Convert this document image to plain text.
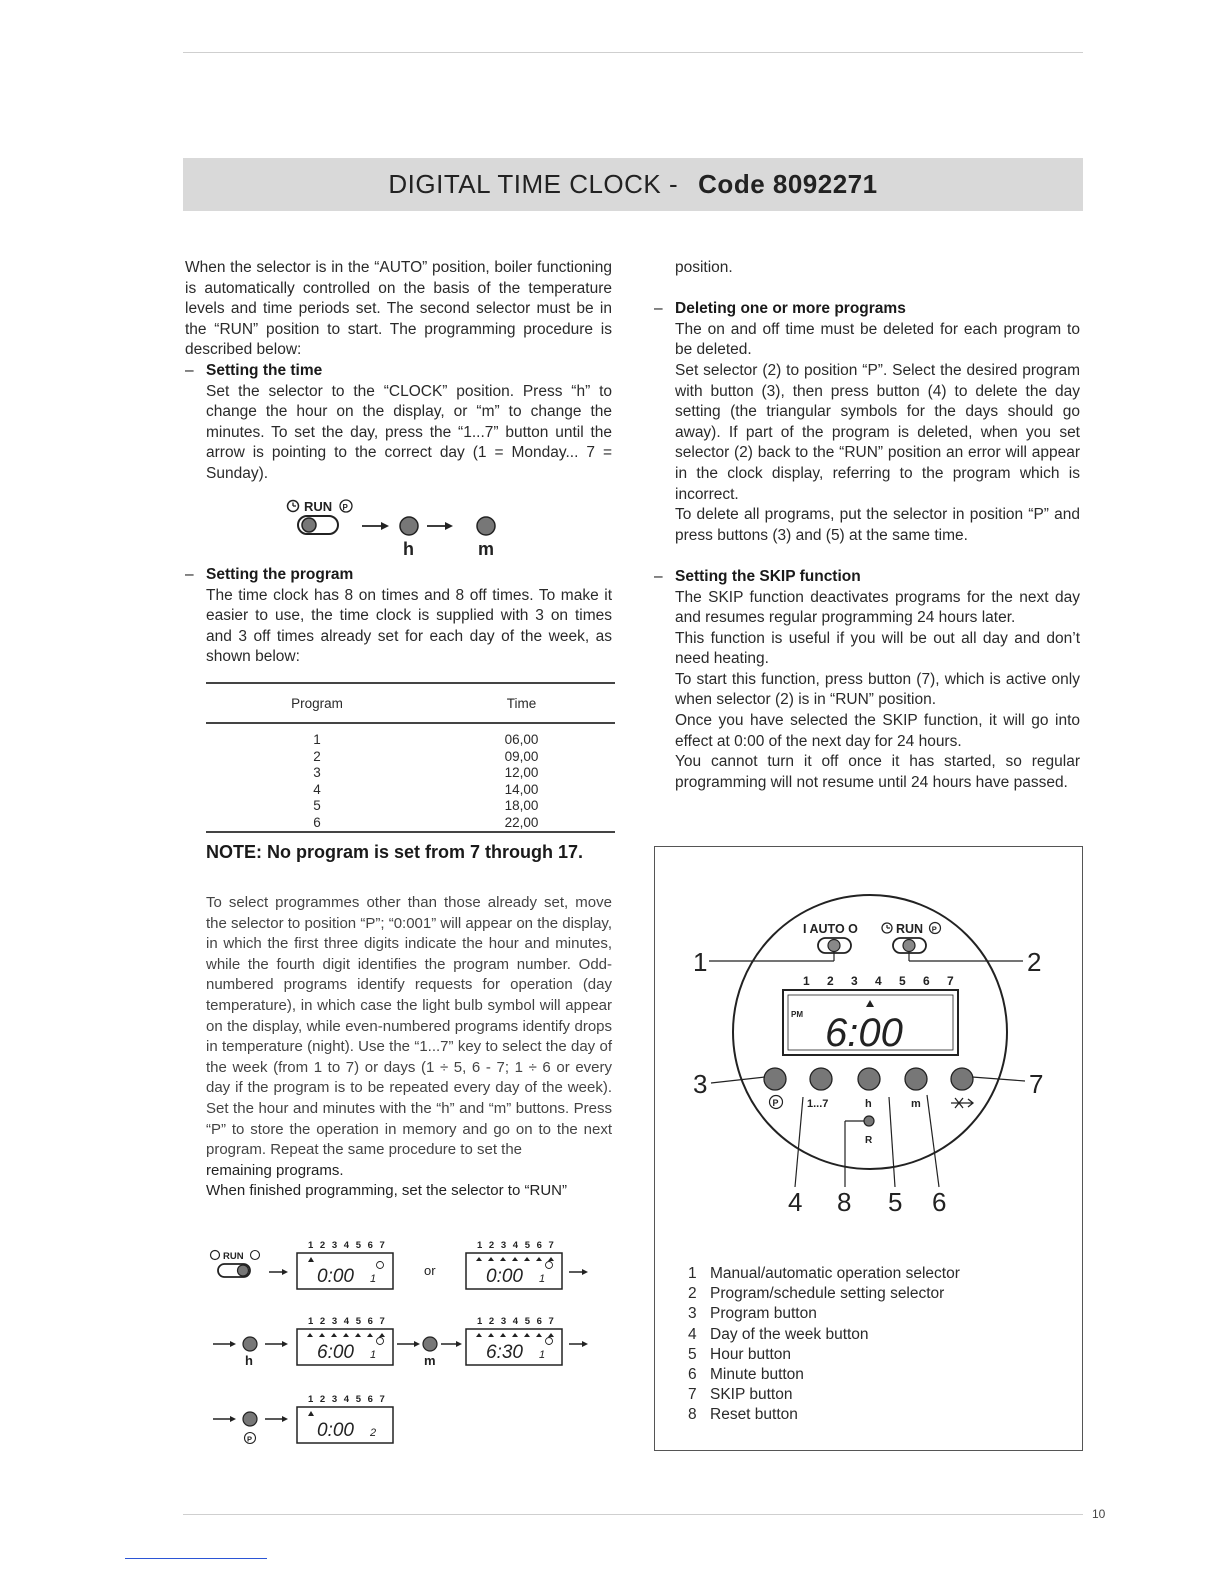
DIGITAL TIME CLOCK - Code 8092271

When the selector is in the “AUTO” position, boiler functioning is automatically controlled on the basis of the temperature levels and time periods set. The second selector must be in the “RUN” position to start. The programming procedure is described below:

– Setting the time

Set the selector to the “CLOCK” position. Press “h” to change the hour on the display, or “m” to change the minutes. To set the day, press the “1...7” button until the arrow is pointing to the correct day (1 = Monday... 7 = Sunday).

RUN P
h	m

– Setting the program

The time clock has 8 on times and 8 off times. To make it easier to use, the time clock is supplied with 3 on times and 3 off times already set for each day of the week, as shown below:

Program	Time
1	06,00
2	09,00
3	12,00
4	14,00
5	18,00
6	22,00
NOTE: No program is set from 7 through 17.

To select programmes other than those already set, move the selector to position “P”; “0:001” will appear on the display, in which the first three digits indicate the hour and minutes, while the fourth digit identifies the program number. Odd-numbered programs identify requests for operation (day temperature), in which case the light bulb symbol will appear on the display, while even-numbered programs identify drops in temperature (night). Use the “1...7” key to select the day of the week (from 1 to 7) or days (1 ÷ 5, 6 - 7; 1 ÷ 6 or every day if the program is to be repeated every day of the week). Set the hour and minutes with the “h” and “m” buttons. Press “P” to store the operation in memory and go on to the next program. Repeat the same procedure to set the

remaining programs.

When finished programming, set the selector to “RUN”

RUN
1 2 3 4 5 6 7
0:00 1
or
1 2 3 4 5 6 7
0:00 1
h
1 2 3 4 5 6 7
6:00 1	m
1 2 3 4 5 6 7
6:30 1
P
1 2 3 4 5 6 7
0:00 2

position.

– Deleting one or more programs

The on and off time must be deleted for each program to be deleted.

Set selector (2) to position “P”. Select the desired program with button (3), then press button (4) to delete the day setting (the triangular symbols for the days should go away). If part of the program is deleted, when you set selector (2) back to the “RUN” position an error will appear in the clock display, referring to the program which is incorrect.

To delete all programs, put the selector in position “P” and press buttons (3) and (5) at the same time.

– Setting the SKIP function

The SKIP function deactivates programs for the next day and resumes regular programming 24 hours later.

This function is useful if you will be out all day and don’t need heating.

To start this function, press button (7), which is active only when selector (2) is in “RUN” position.

Once you have selected the SKIP function, it will go into effect at 0:00 of the next day for 24 hours.

You cannot turn it off once it has started, so regular programming will not resume until 24 hours have passed.

I AUTO O	RUN P
1	2
1 2 3 4 5 6 7
PM 6:00
P	1...7	h	m
R
3	7
4 8 5 6
1 Manual/automatic operation selector
2 Program/schedule setting selector
3 Program button
4 Day of the week button
5 Hour button
6 Minute button
7 SKIP button
8 Reset button
10
